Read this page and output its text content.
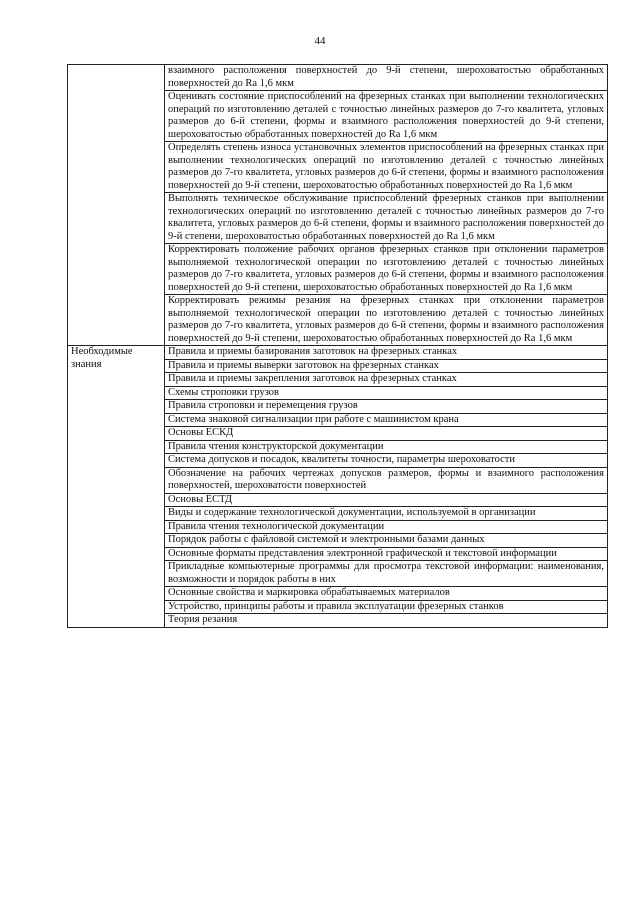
44
	взаимного расположения поверхностей до 9-й степени, шероховатостью обработанных поверхностей до Ra 1,6 мкм
	Оценивать состояние приспособлений на фрезерных станках при выполнении технологических операций по изготовлению деталей с точностью линейных размеров до 7-го квалитета, угловых размеров до 6-й степени, формы и взаимного расположения поверхностей до 9-й степени, шероховатостью обработанных поверхностей до Ra 1,6 мкм
	Определять степень износа установочных элементов приспособлений на фрезерных станках при выполнении технологических операций по изготовлению деталей с точностью линейных размеров до 7-го квалитета, угловых размеров до 6-й степени, формы и взаимного расположения поверхностей до 9-й степени, шероховатостью обработанных поверхностей до Ra 1,6 мкм
	Выполнять техническое обслуживание приспособлений фрезерных станков при выполнении технологических операций по изготовлению деталей с точностью линейных размеров до 7-го квалитета, угловых размеров до 6-й степени, формы и взаимного расположения поверхностей до 9-й степени, шероховатостью обработанных поверхностей до Ra 1,6 мкм
	Корректировать положение рабочих органов фрезерных станков при отклонении параметров выполняемой технологической операции по изготовлению деталей с точностью линейных размеров до 7-го квалитета, угловых размеров до 6-й степени, формы и взаимного расположения поверхностей до 9-й степени, шероховатостью обработанных поверхностей до Ra 1,6 мкм
	Корректировать режимы резания на фрезерных станках при отклонении параметров выполняемой технологической операции по изготовлению деталей с точностью линейных размеров до 7-го квалитета, угловых размеров до 6-й степени, формы и взаимного расположения поверхностей до 9-й степени, шероховатостью обработанных поверхностей до Ra 1,6 мкм
Необходимые знания	Правила и приемы базирования заготовок на фрезерных станках
	Правила и приемы выверки заготовок на фрезерных станках
	Правила и приемы закрепления заготовок на фрезерных станках
	Схемы строповки грузов
	Правила строповки и перемещения грузов
	Система знаковой сигнализации при работе с машинистом крана
	Основы ЕСКД
	Правила чтения конструкторской документации
	Система допусков и посадок, квалитеты точности, параметры шероховатости
	Обозначение на рабочих чертежах допусков размеров, формы и взаимного расположения поверхностей, шероховатости поверхностей
	Основы ЕСТД
	Виды и содержание технологической документации, используемой в организации
	Правила чтения технологической документации
	Порядок работы с файловой системой и электронными базами данных
	Основные форматы представления электронной графической и текстовой информации
	Прикладные компьютерные программы для просмотра текстовой информации: наименования, возможности и порядок работы в них
	Основные свойства и маркировка обрабатываемых материалов
	Устройство, принципы работы и правила эксплуатации фрезерных станков
	Теория резания
